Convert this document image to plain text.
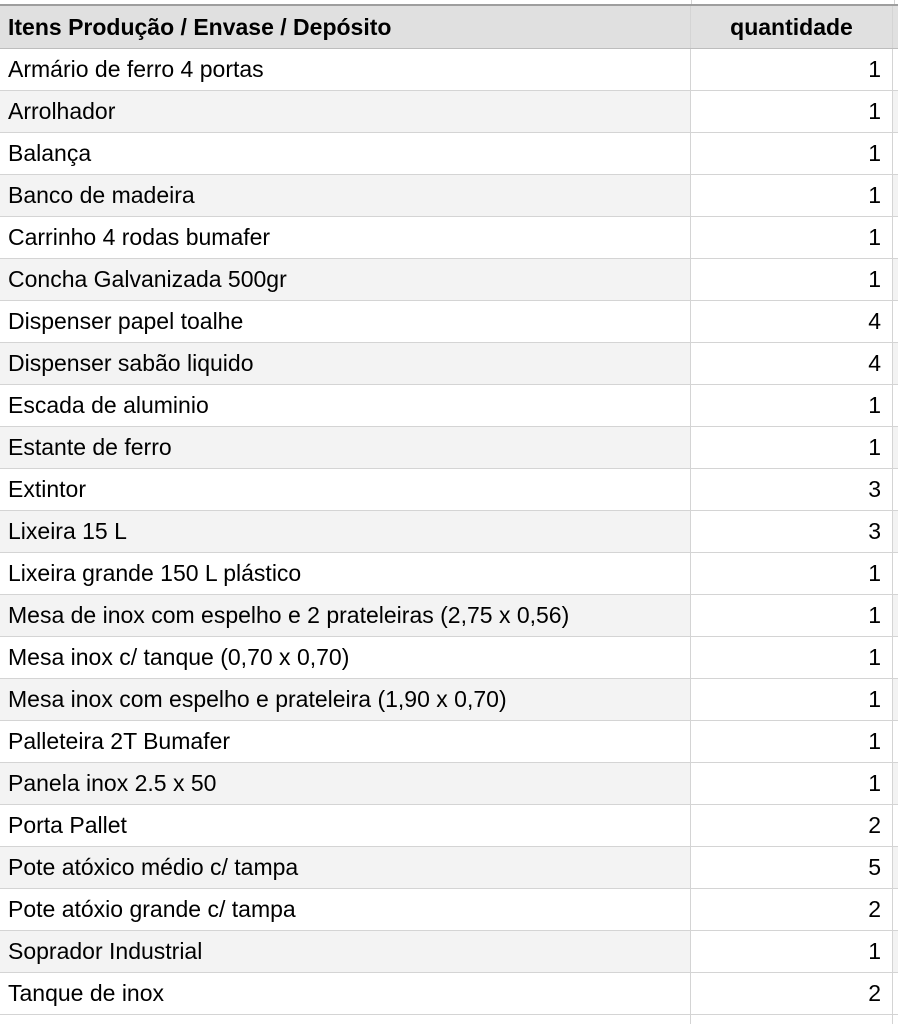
Itens Produção / Envase / Depósito	quantidade
Armário de ferro 4 portas	1
Arrolhador	1
Balança	1
Banco de madeira	1
Carrinho 4 rodas bumafer	1
Concha Galvanizada 500gr	1
Dispenser papel toalhe	4
Dispenser sabão liquido	4
Escada de aluminio	1
Estante de ferro	1
Extintor	3
Lixeira 15 L	3
Lixeira grande 150 L plástico	1
Mesa de inox com espelho e 2 prateleiras (2,75 x 0,56)	1
Mesa inox c/ tanque (0,70 x 0,70)	1
Mesa inox com espelho e prateleira (1,90 x 0,70)	1
Palleteira 2T Bumafer	1
Panela inox 2.5 x 50	1
Porta Pallet	2
Pote atóxico médio c/ tampa	5
Pote atóxio grande c/ tampa	2
Soprador Industrial	1
Tanque de inox	2
